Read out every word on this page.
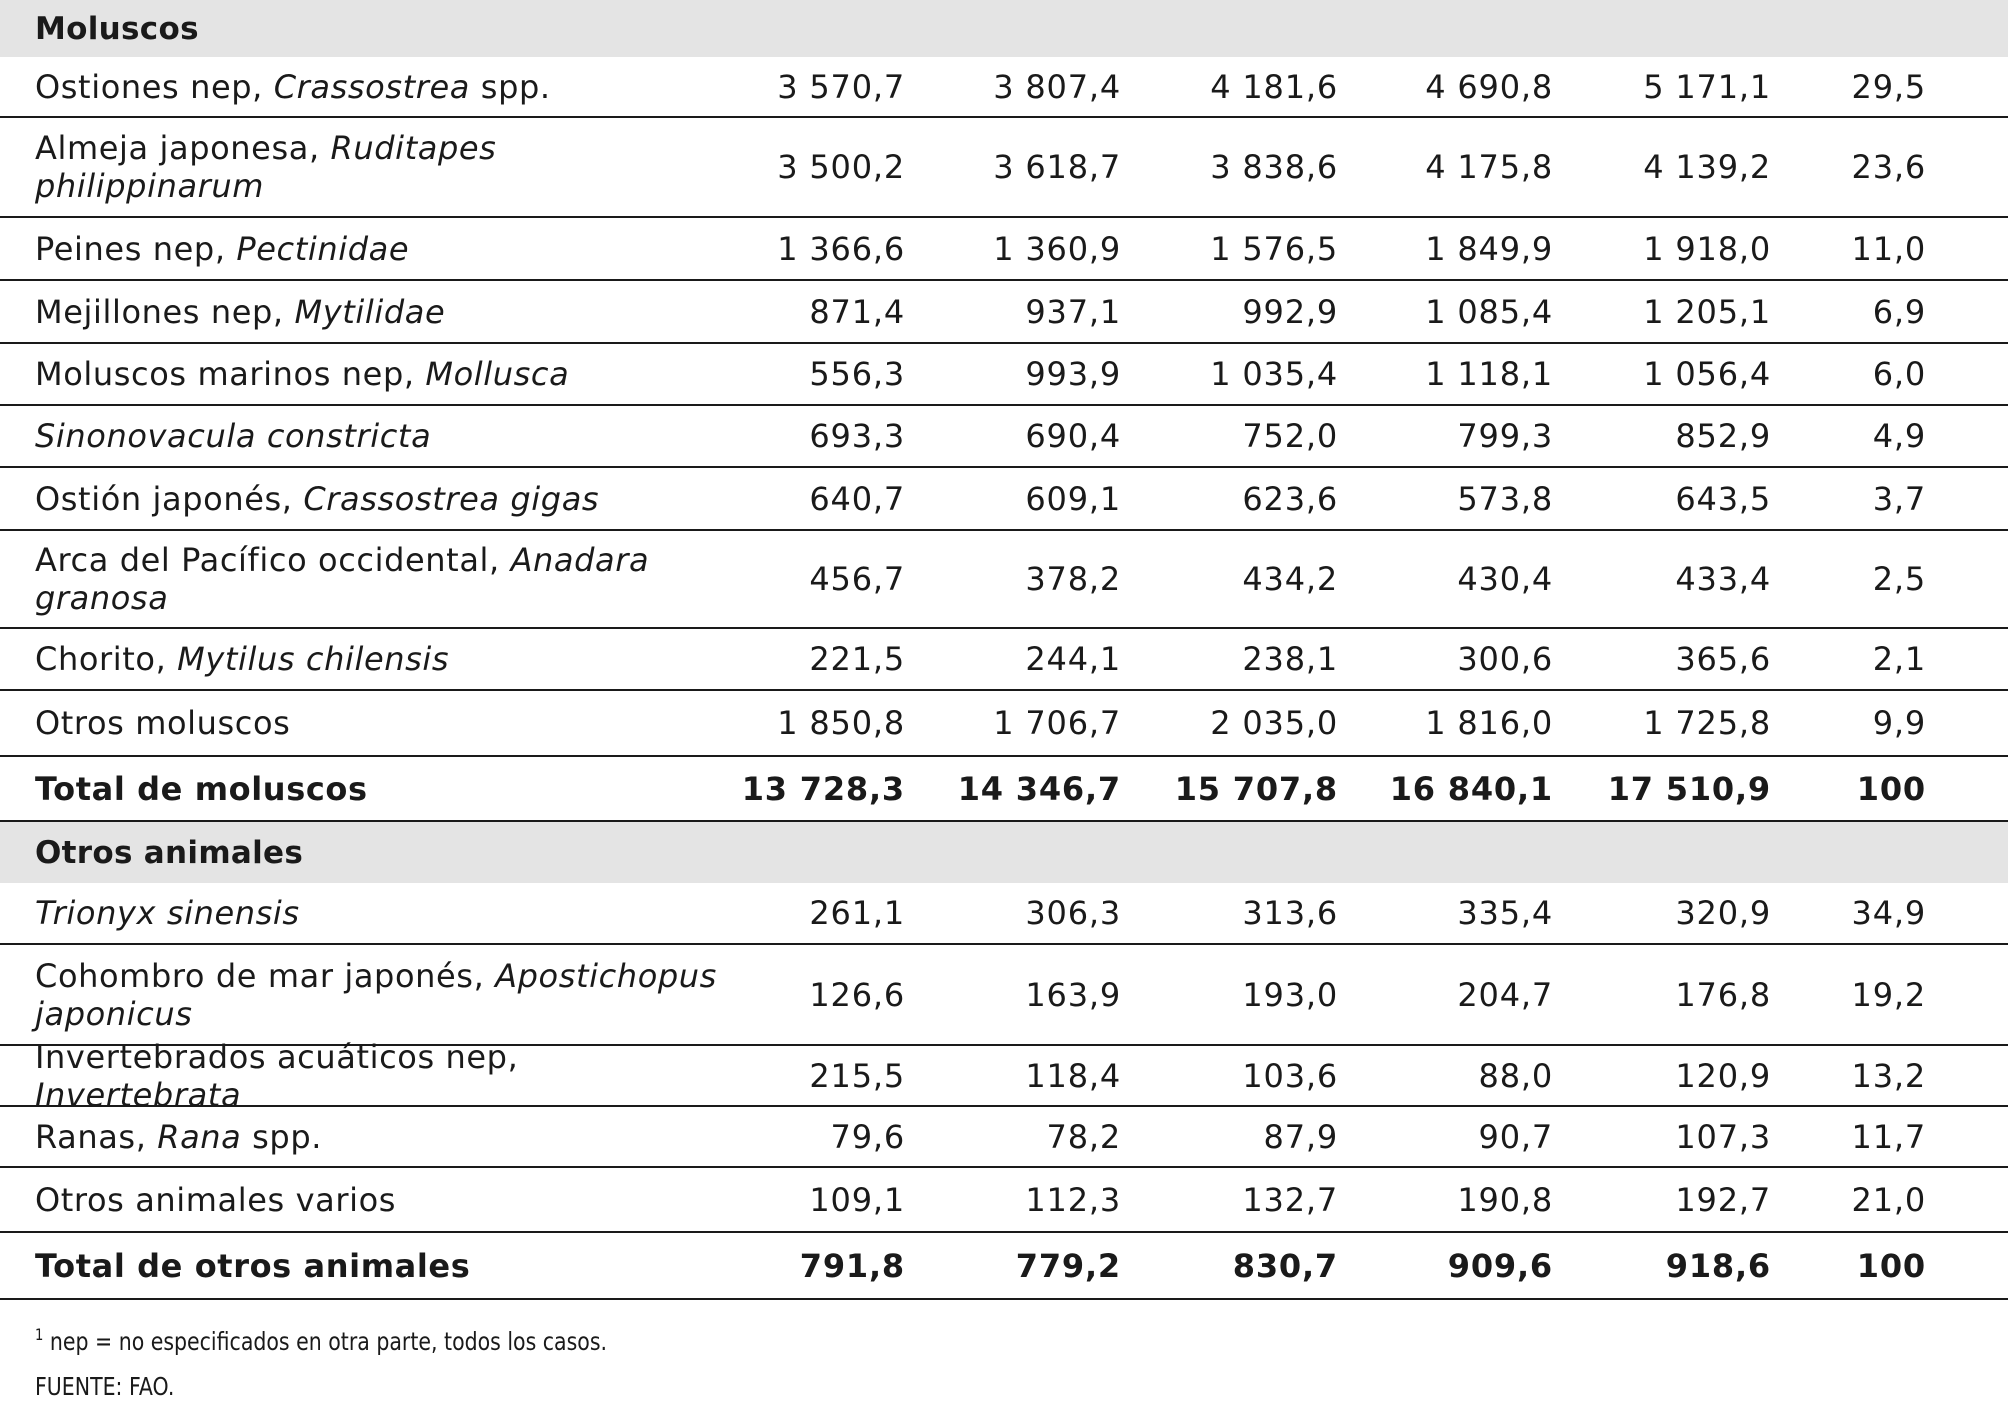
Moluscos
Ostiones nep, Crassostrea spp.	3 570,7	3 807,4	4 181,6	4 690,8	5 171,1	29,5
Almeja japonesa, Ruditapes philippinarum	3 500,2	3 618,7	3 838,6	4 175,8	4 139,2	23,6
Peines nep, Pectinidae	1 366,6	1 360,9	1 576,5	1 849,9	1 918,0	11,0
Mejillones nep, Mytilidae	871,4	937,1	992,9	1 085,4	1 205,1	6,9
Moluscos marinos nep, Mollusca	556,3	993,9	1 035,4	1 118,1	1 056,4	6,0
Sinonovacula constricta	693,3	690,4	752,0	799,3	852,9	4,9
Ostión japonés, Crassostrea gigas	640,7	609,1	623,6	573,8	643,5	3,7
Arca del Pacífico occidental, Anadara granosa	456,7	378,2	434,2	430,4	433,4	2,5
Chorito, Mytilus chilensis	221,5	244,1	238,1	300,6	365,6	2,1
Otros moluscos	1 850,8	1 706,7	2 035,0	1 816,0	1 725,8	9,9
Total de moluscos	13 728,3	14 346,7	15 707,8	16 840,1	17 510,9	100
Otros animales
Trionyx sinensis	261,1	306,3	313,6	335,4	320,9	34,9
Cohombro de mar japonés, Apostichopus japonicus	126,6	163,9	193,0	204,7	176,8	19,2
Invertebrados acuáticos nep, Invertebrata	215,5	118,4	103,6	88,0	120,9	13,2
Ranas, Rana spp.	79,6	78,2	87,9	90,7	107,3	11,7
Otros animales varios	109,1	112,3	132,7	190,8	192,7	21,0
Total de otros animales	791,8	779,2	830,7	909,6	918,6	100
$^1$ nep = no especificados en otra parte, todos los casos.
FUENTE: FAO.
